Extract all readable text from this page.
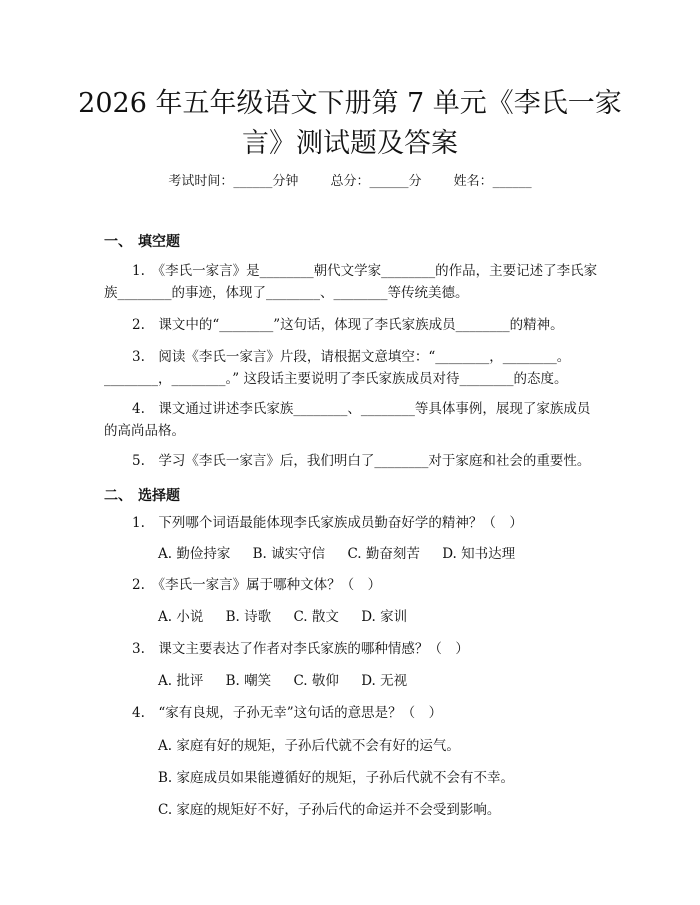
2026 年五年级语文下册第 7 单元《李氏一家言》测试题及答案
考试时间：______分钟 总分：______分 姓名：______
一、 填空题

1.　《李氏一家言》是________朝代文学家________的作品，主要记述了李氏家族________的事迹，体现了________、________等传统美德。

2.　课文中的“________”这句话，体现了李氏家族成员________的精神。

3.　阅读《李氏一家言》片段，请根据文意填空：“________，________。________，________。” 这段话主要说明了李氏家族成员对待________的态度。

4.　课文通过讲述李氏家族________、________等具体事例，展现了家族成员的高尚品格。

5.　学习《李氏一家言》后，我们明白了________对于家庭和社会的重要性。

二、 选择题

1.　下列哪个词语最能体现李氏家族成员勤奋好学的精神？（　）

A. 勤俭持家 B. 诚实守信 C. 勤奋刻苦 D. 知书达理

2.　《李氏一家言》属于哪种文体？（　）

A. 小说 B. 诗歌 C. 散文 D. 家训

3.　课文主要表达了作者对李氏家族的哪种情感？（　）

A. 批评 B. 嘲笑 C. 敬仰 D. 无视

4.　“家有良规，子孙无幸”这句话的意思是？（　）

A. 家庭有好的规矩，子孙后代就不会有好的运气。
B. 家庭成员如果能遵循好的规矩，子孙后代就不会有不幸。
C. 家庭的规矩好不好，子孙后代的命运并不会受到影响。
